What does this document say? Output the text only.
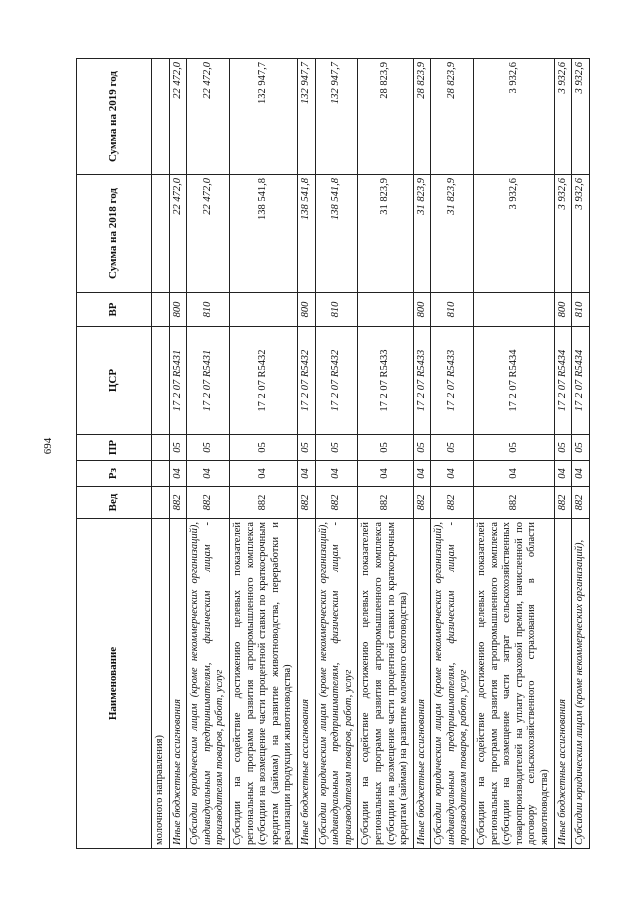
694
Наименование	Вед	Рз	ПР	ЦСР	ВР	Сумма на 2018 год	Сумма на 2019 год
молочного направления)							
Иные бюджетные ассигнования	882	04	05	17 2 07 R5431	800	22 472,0	22 472,0
Субсидии юридическим лицам (кроме некоммерческих организаций), индивидуальным предпринимателям, физическим лицам - производителям товаров, работ, услуг	882	04	05	17 2 07 R5431	810	22 472,0	22 472,0
Субсидии на содействие достижению целевых показателей региональных программ развития агропромышленного комплекса (субсидии на возмещение части процентной ставки по краткосрочным кредитам (займам) на развитие животноводства, переработки и реализации продукции животноводства)	882	04	05	17 2 07 R5432		138 541,8	132 947,7
Иные бюджетные ассигнования	882	04	05	17 2 07 R5432	800	138 541,8	132 947,7
Субсидии юридическим лицам (кроме некоммерческих организаций), индивидуальным предпринимателям, физическим лицам - производителям товаров, работ, услуг	882	04	05	17 2 07 R5432	810	138 541,8	132 947,7
Субсидии на содействие достижению целевых показателей региональных программ развития агропромышленного комплекса (субсидии на возмещение части процентной ставки по краткосрочным кредитам (займам) на развитие молочного скотоводства)	882	04	05	17 2 07 R5433		31 823,9	28 823,9
Иные бюджетные ассигнования	882	04	05	17 2 07 R5433	800	31 823,9	28 823,9
Субсидии юридическим лицам (кроме некоммерческих организаций), индивидуальным предпринимателям, физическим лицам - производителям товаров, работ, услуг	882	04	05	17 2 07 R5433	810	31 823,9	28 823,9
Субсидии на содействие достижению целевых показателей региональных программ развития агропромышленного комплекса (субсидии на возмещение части затрат сельскохозяйственных товаропроизводителей на уплату страховой премии, начисленной по договору сельскохозяйственного страхования в области животноводства)	882	04	05	17 2 07 R5434		3 932,6	3 932,6
Иные бюджетные ассигнования	882	04	05	17 2 07 R5434	800	3 932,6	3 932,6
Субсидии юридическим лицам (кроме некоммерческих организаций),	882	04	05	17 2 07 R5434	810	3 932,6	3 932,6
